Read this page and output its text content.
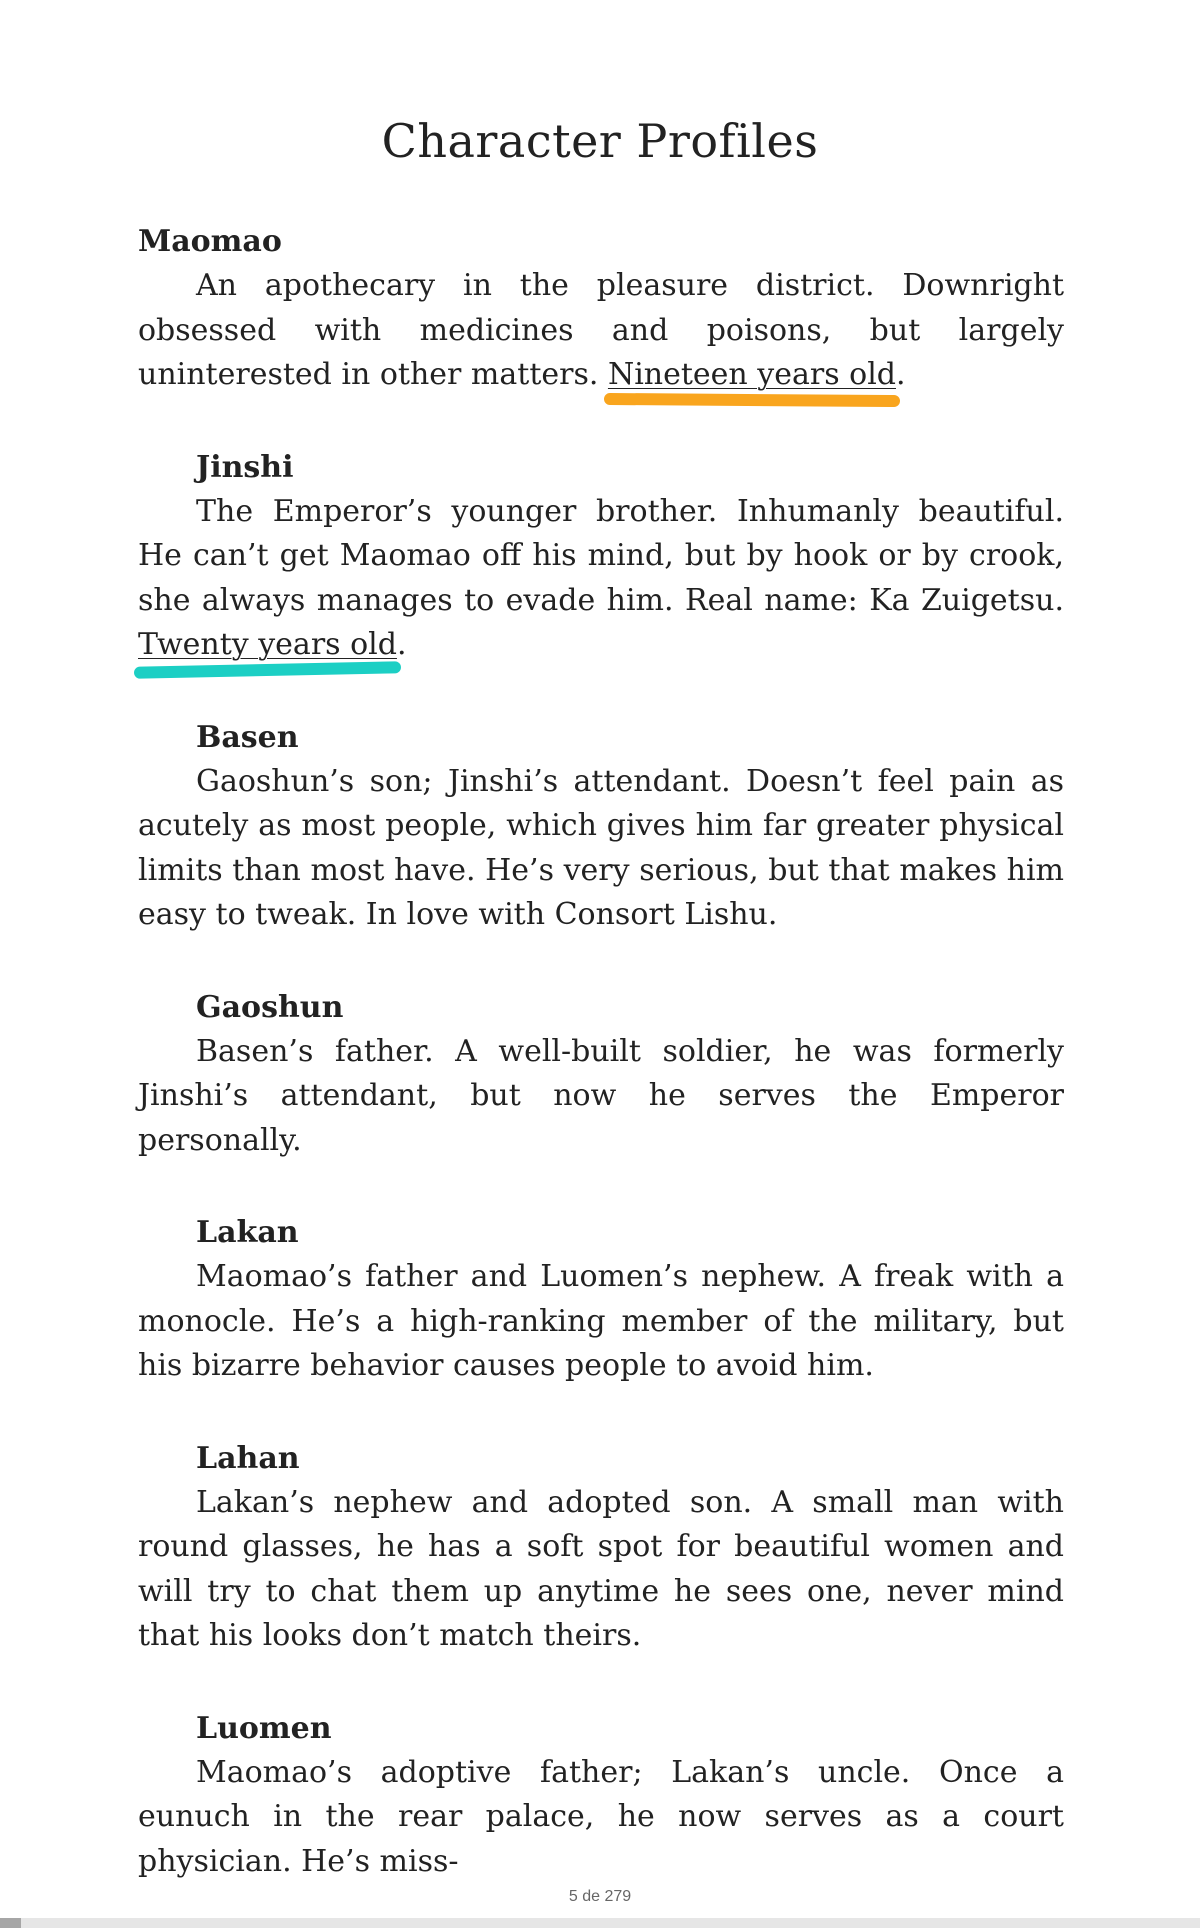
Character Profiles

Maomao

An apothecary in the pleasure district. Downright obsessed with medicines and poisons, but largely uninterested in other matters. Nineteen years old.

Jinshi

The Emperor’s younger brother. Inhumanly beautiful. He can’t get Maomao off his mind, but by hook or by crook, she always manages to evade him. Real name: Ka Zuigetsu. Twenty years old.

Basen

Gaoshun’s son; Jinshi’s attendant. Doesn’t feel pain as acutely as most people, which gives him far greater physical limits than most have. He’s very serious, but that makes him easy to tweak. In love with Consort Lishu.

Gaoshun

Basen’s father. A well-built soldier, he was formerly Jinshi’s attendant, but now he serves the Emperor personally.

Lakan

Maomao’s father and Luomen’s nephew. A freak with a monocle. He’s a high-ranking member of the military, but his bizarre behavior causes people to avoid him.

Lahan

Lakan’s nephew and adopted son. A small man with round glasses, he has a soft spot for beautiful women and will try to chat them up anytime he sees one, never mind that his looks don’t match theirs.

Luomen

Maomao’s adoptive father; Lakan’s uncle. Once a eunuch in the rear palace, he now serves as a court physician. He’s miss-

5 de 279
